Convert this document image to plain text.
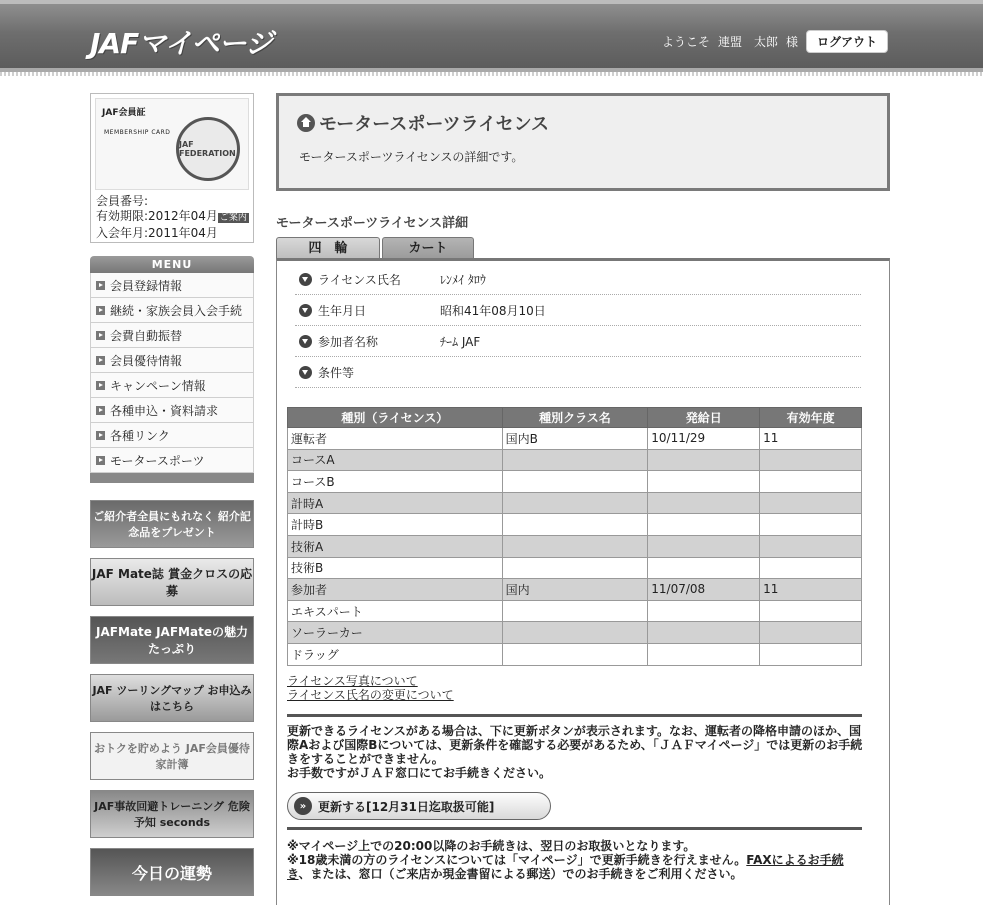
JAFマイページ	ようこそ 連盟　太郎 様	ログアウト
JAF会員証
MEMBERSHIP CARD
JAF FEDERATION
会員番号:
有効期限:2012年04月 ご案内
入会年月:2011年04月
MENU
会員登録情報
継続・家族会員入会手続
会費自動振替
会員優待情報
キャンペーン情報
各種申込・資料請求
各種リンク
モータースポーツ
ご紹介者全員にもれなく 紹介記念品をプレゼント
JAF Mate誌 賞金クロスの応募
JAFMate JAFMateの魅力たっぷり
JAF ツーリングマップ お申込みはこちら
おトクを貯めよう JAF会員優待家計簿
JAF事故回避トレーニング 危険予知 seconds
今日の運勢
モータースポーツライセンス
モータースポーツライセンスの詳細です。
モータースポーツライセンス詳細
四　輪	カート
ライセンス氏名	ﾚﾝﾒｲ ﾀﾛｳ
生年月日	昭和41年08月10日
参加者名称	ﾁｰﾑ JAF
条件等
種別（ライセンス）	種別クラス名	発給日	有効年度
運転者	国内B	10/11/29	11
コースA			
コースB			
計時A			
計時B			
技術A			
技術B			
参加者	国内	11/07/08	11
エキスパート			
ソーラーカー			
ドラッグ			
ライセンス写真について
ライセンス氏名の変更について
更新できるライセンスがある場合は、下に更新ボタンが表示されます。なお、運転者の降格申請のほか、国際Aおよび国際Bについては、更新条件を確認する必要があるため、「ＪＡＦマイページ」では更新のお手続きをすることができません。
お手数ですがＪＡＦ窓口にてお手続きください。
» 更新する[12月31日迄取扱可能]
※マイページ上での20:00以降のお手続きは、翌日のお取扱いとなります。
※18歳未満の方のライセンスについては「マイページ」で更新手続きを行えません。FAXによるお手続き、または、窓口（ご来店か現金書留による郵送）でのお手続きをご利用ください。
